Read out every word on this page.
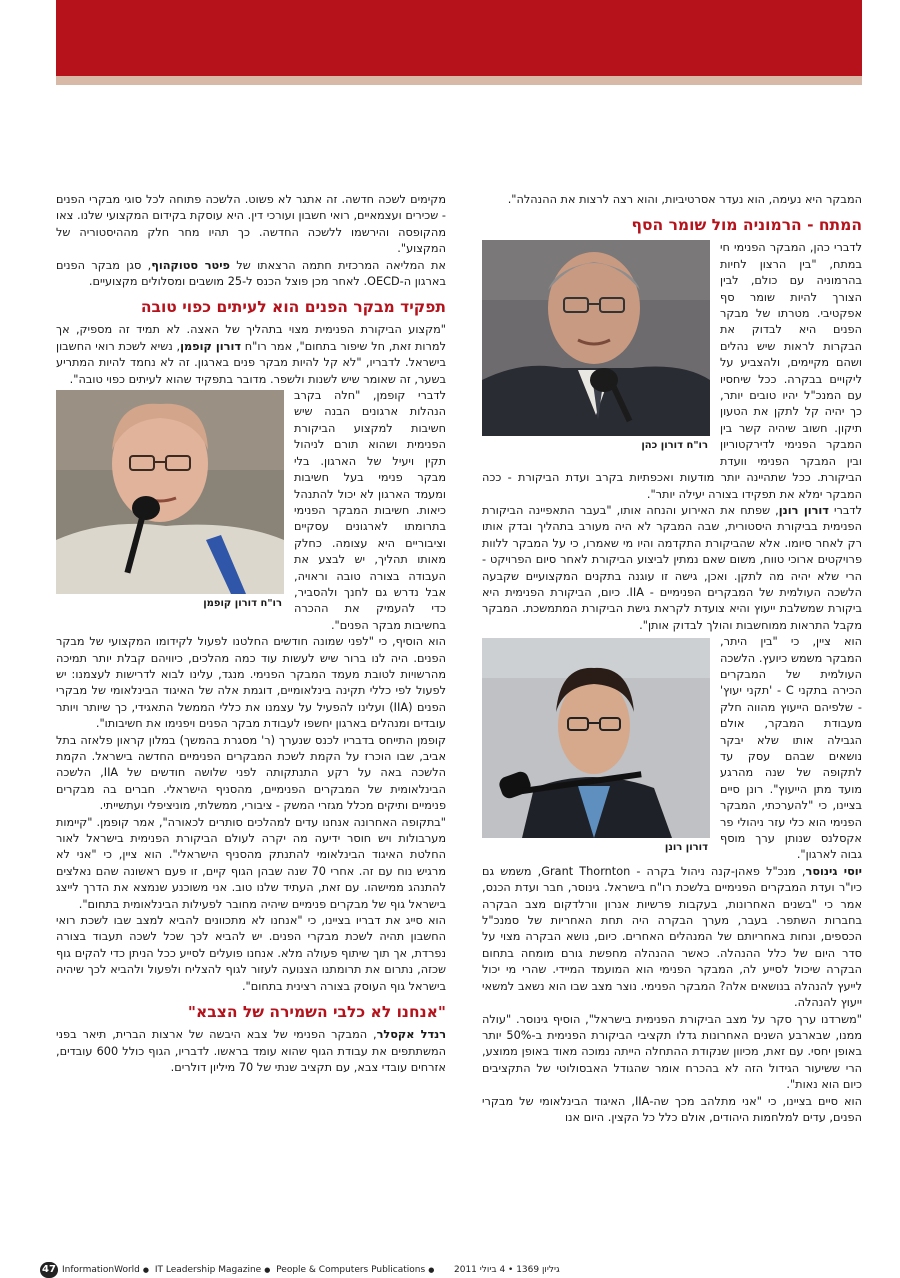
המבקר היא נעימה, הוא נעדר אסרטיביות, והוא רצה לרצות את ההנהלה".

המתח - הרמוניה מול שומר הסף
רו"ח דורון כהן

לדברי כהן, המבקר הפנימי חי במתח, "בין הרצון לחיות בהרמוניה עם כולם, לבין הצורך להיות שומר סף אפקטיבי. מטרתו של מבקר הפנים היא לבדוק את הבקרות לראות שיש נהלים ושהם מקיימים, ולהצביע על ליקויים בבקרה. ככל שיחסיו עם המנכ"ל יהיו טובים יותר, כך יהיה קל לתקן את הטעון תיקון. חשוב שיהיה קשר בין המבקר הפנימי לדירקטוריון ובין המבקר הפנימי וועדת הביקורת. ככל שתהיינה יותר מודעות ואכפתיות בקרב ועדת הביקורת - ככה המבקר ימלא את תפקידו בצורה יעילה יותר".

לדברי דורון רונן, שפתח את האירוע והנחה אותו, "בעבר התאפיינה הביקורת הפנימית בביקורת היסטורית, שבה המבקר לא היה מעורב בתהליך ובדק אותו רק לאחר סיומו. אלא שהביקורת התקדמה והיו מי שאמרו, כי על המבקר ללוות פרויקטים ארוכי טווח, משום שאם נמתין לביצוע הביקורת לאחר סיום הפרויקט - הרי שלא יהיה מה לתקן. ואכן, גישה זו עוגנה בתקנים המקצועיים שקבעה הלשכה העולמית של המבקרים הפנימיים - IIA. כיום, הביקורת הפנימית היא ביקורת שמשלבת ייעוץ והיא צועדת לקראת גישת הביקורת המתמשכת. המבקר מקבל התראות ממוחשבות והולך לבדוק אותן".

דורון רונן

הוא ציין, כי "בין היתר, המבקר משמש כיועץ. הלשכה העולמית של המבקרים הכירה בתקני C - 'תקני יעוץ' - שלפיהם הייעוץ מהווה חלק מעבודת המבקר, אולם הגבילה אותו שלא יבקר נושאים שבהם עסק עד לתקופה של שנה מהרגע מועד מתן הייעוץ". רונן סיים בציינו, כי "להערכתי, המבקר הפנימי הוא כלי עזר ניהולי פר אקסלנס שנותן ערך מוסף גבוה לארגון".

יוסי גינוסר, מנכ"ל פאהן-קנה ניהול בקרה - Grant Thornton, משמש גם כיו"ר ועדת המבקרים הפנימיים בלשכת רו"ח בישראל. גינוסר, חבר ועדת הכנס, אמר כי "בשנים האחרונות, בעקבות פרשיות אנרון וורלדקום מצב הבקרה בחברות השתפר. בעבר, מערך הבקרה היה תחת האחריות של סמנכ"ל הכספים, ונחות באחריותם של המנהלים האחרים. כיום, נושא הבקרה מצוי על סדר היום של כלל ההנהלה. כאשר ההנהלה מחפשת גורם מומחה בתחום הבקרה שיכול לסייע לה, המבקר הפנימי הוא המועמד המיידי. שהרי מי יכול לייעץ להנהלה בנושאים אלה? המבקר הפנימי. נוצר מצב שבו הוא נשאב למשאי ייעוץ להנהלה.

"משרדנו ערך סקר על מצב הביקורת הפנימית בישראל", הוסיף גינוסר. "עולה ממנו, שבארבע השנים האחרונות גדלו תקציבי הביקורת הפנימית ב-50% יותר באופן יחסי. עם זאת, מכיוון שנקודת ההתחלה הייתה נמוכה מאוד באופן ממוצע, הרי ששיעור הגידול הזה לא בהכרח אומר שהגודל האבסולוטי של התקציבים כיום הוא נאות".

הוא סיים בציינו, כי "אני מתלהב מכך שה-IIA, האיגוד הבינלאומי של מבקרי הפנים, עדים למלחמות היהודים, אולם כלל כל הקצין. היום אנו

מקימים לשכה חדשה. זה אתגר לא פשוט. הלשכה פתוחה לכל סוגי מבקרי הפנים - שכירים ועצמאיים, רואי חשבון ועורכי דין. היא עוסקת בקידום המקצועי שלנו. צאו מהקופסה והירשמו ללשכה החדשה. כך תהיו מחר חלק מההיסטוריה של המקצוע".

את המליאה המרכזית חתמה הרצאתו של פיטר סטוקהוף, סגן מבקר הפנים בארגון ה-OECD. לאחר מכן פוצל הכנס ל-25 מושבים ומסלולים מקצועיים.

תפקיד מבקר הפנים הוא לעיתים כפוי טובה

"מקצוע הביקורת הפנימית מצוי בתהליך של האצה. לא תמיד זה מספיק, אך למרות זאת, חל שיפור בתחום", אמר רו"ח דורון קופמן, נשיא לשכת רואי החשבון בישראל. לדבריו, "לא קל להיות מבקר פנים בארגון. זה לא נחמד להיות המתריע בשער, זה שאומר שיש לשנות ולשפר. מדובר בתפקיד שהוא לעיתים כפוי טובה".

רו"ח דורון קופמן

לדברי קופמן, "חלה בקרב הנהלות ארגונים הבנה שיש חשיבות למקצוע הביקורת הפנימית ושהוא תורם לניהול תקין ויעיל של הארגון. בלי מבקר פנימי בעל חשיבות ומעמד הארגון לא יכול להתנהל כיאות. חשיבות המבקר הפנימי בתרומתו לארגונים עסקיים וציבוריים היא עצומה. כחלק מאותו תהליך, יש לבצע את העבודה בצורה טובה וראויה, אבל נדרש גם לחנך ולהסביר, כדי להעמיק את ההכרה בחשיבות מבקר הפנים".

הוא הוסיף, כי "לפני שמונה חודשים החלטנו לפעול לקידומו המקצועי של מבקר הפנים. היה לנו ברור שיש לעשות עוד כמה מהלכים, כיוויהם קבלת יותר תמיכה מהרשויות לטובת מעמד המבקר הפנימי. מנגד, עלינו לבוא לדרישות לעצמנו: יש לפעול לפי כללי תקינה בינלאומיים, דוגמת אלה של האיגוד הבינלאומי של מבקרי הפנים (IIA) ועלינו להפעיל על עצמנו את כללי הממשל התאגידי, כך שיותר ויותר עובדים ומנהלים בארגון יחשפו לעבודת מבקר הפנים ויפנימו את חשיבותו".

קופמן התייחס בדבריו לכנס שנערך (ר' מסגרת בהמשך) במלון קראון פלאזה בתל אביב, שבו הוכרז על הקמת לשכת המבקרים הפנימיים החדשה בישראל. הקמת הלשכה באה על רקע התנתקותה לפני שלושה חודשים של IIA, הלשכה הבינלאומית של המבקרים הפנימיים, מהסניף הישראלי. חברים בה מבקרים פנימיים ותיקים מכלל מגזרי המשק - ציבורי, ממשלתי, מוניציפלי ועתשייתי.

"בתקופה האחרונה אנחנו עדים למהלכים סותרים לכאורה", אמר קופמן. "קיימות מערבולות ויש חוסר ידיעה מה יקרה לעולם הביקורת הפנימית בישראל לאור החלטת האיגוד הבינלאומי להתנתק מהסניף הישראלי". הוא ציין, כי "אני לא מרגיש נוח עם זה. אחרי 70 שנה שבהן הגוף קיים, זו פעם ראשונה שהם נאלצים להתנהג ממישהו. עם זאת, העתיד שלנו טוב. אני משוכנע שנמצא את הדרך לייצג בישראל גוף של מבקרים פנימיים שיהיה מחובר לפעילות הבינלאומית בתחום".

הוא סייג את דבריו בציינו, כי "אנחנו לא מתכוונים להביא למצב שבו לשכת רואי החשבון תהיה לשכת מבקרי הפנים. יש להביא לכך שכל לשכה תעבוד בצורה נפרדת, אך תוך שיתוף פעולה מלא. אנחנו פועלים לסייע ככל הניתן כדי להקים גוף שכזה, נתרום את תרומתנו הצנועה לעזור לגוף להצליח ולפעול ולהביא לכך שיהיה בישראל גוף העוסק בצורה רצינית בתחום".

"אנחנו לא כלבי השמירה של הצבא"

רנדל אקסלר, המבקר הפנימי של צבא היבשה של ארצות הברית, תיאר בפני המשתתפים את עבודת הגוף שהוא עומד בראשו. לדבריו, הגוף כולל 600 עובדים, אזרחים עובדי צבא, עם תקציב שנתי של 70 מיליון דולרים.

47 InformationWorld ● IT Leadership Magazine ● People & Computers Publications ●	גיליון 1369 • 4 ביולי 2011
